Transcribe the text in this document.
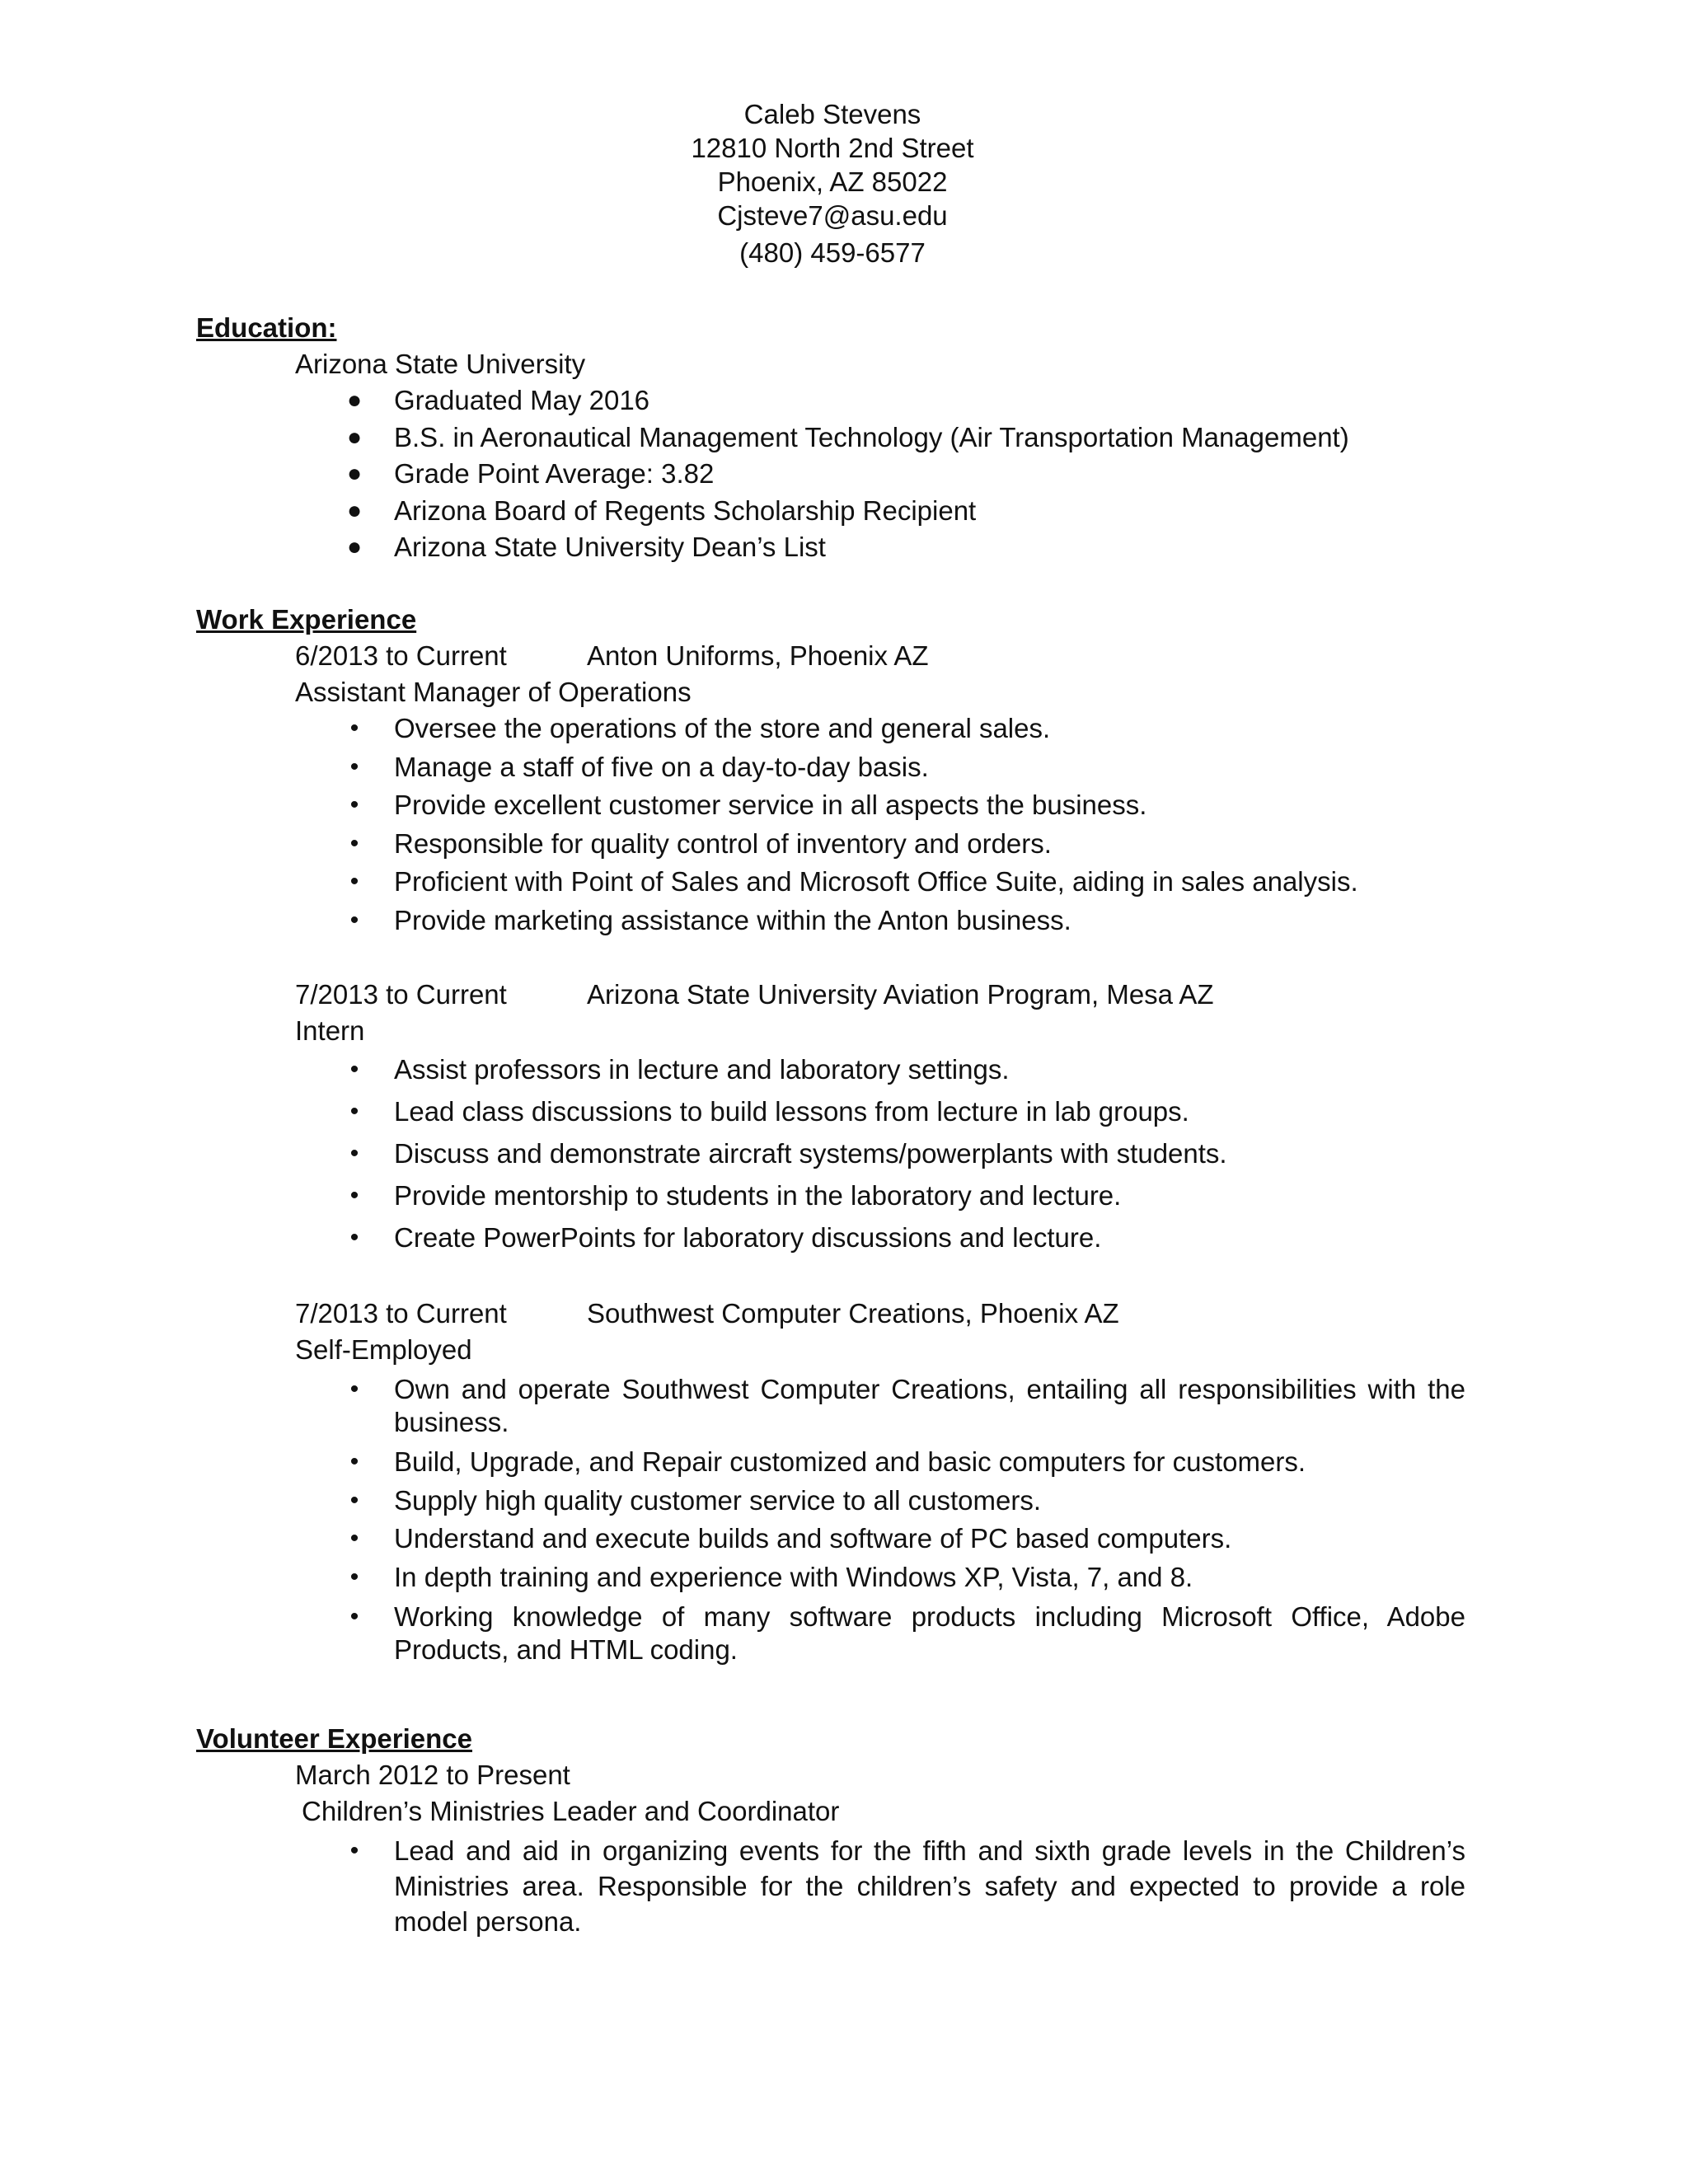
Caleb Stevens
12810 North 2nd Street
Phoenix, AZ 85022
Cjsteve7@asu.edu
(480) 459-6577
Education:
Arizona State University
● Graduated May 2016
● B.S. in Aeronautical Management Technology (Air Transportation Management)
● Grade Point Average: 3.82
● Arizona Board of Regents Scholarship Recipient
● Arizona State University Dean’s List
Work Experience
6/2013 to Current	Anton Uniforms, Phoenix AZ
Assistant Manager of Operations
• Oversee the operations of the store and general sales.
• Manage a staff of five on a day-to-day basis.
• Provide excellent customer service in all aspects the business.
• Responsible for quality control of inventory and orders.
• Proficient with Point of Sales and Microsoft Office Suite, aiding in sales analysis.
• Provide marketing assistance within the Anton business.
7/2013 to Current	Arizona State University Aviation Program, Mesa AZ
Intern
• Assist professors in lecture and laboratory settings.
• Lead class discussions to build lessons from lecture in lab groups.
• Discuss and demonstrate aircraft systems/powerplants with students.
• Provide mentorship to students in the laboratory and lecture.
• Create PowerPoints for laboratory discussions and lecture.
7/2013 to Current	Southwest Computer Creations, Phoenix AZ
Self-Employed
• Own and operate Southwest Computer Creations, entailing all responsibilities with the business.
• Build, Upgrade, and Repair customized and basic computers for customers.
• Supply high quality customer service to all customers.
• Understand and execute builds and software of PC based computers.
• In depth training and experience with Windows XP, Vista, 7, and 8.
• Working knowledge of many software products including Microsoft Office, Adobe Products, and HTML coding.
Volunteer Experience
March 2012 to Present
Children’s Ministries Leader and Coordinator
• Lead and aid in organizing events for the fifth and sixth grade levels in the Children’s Ministries area. Responsible for the children’s safety and expected to provide a role model persona.
